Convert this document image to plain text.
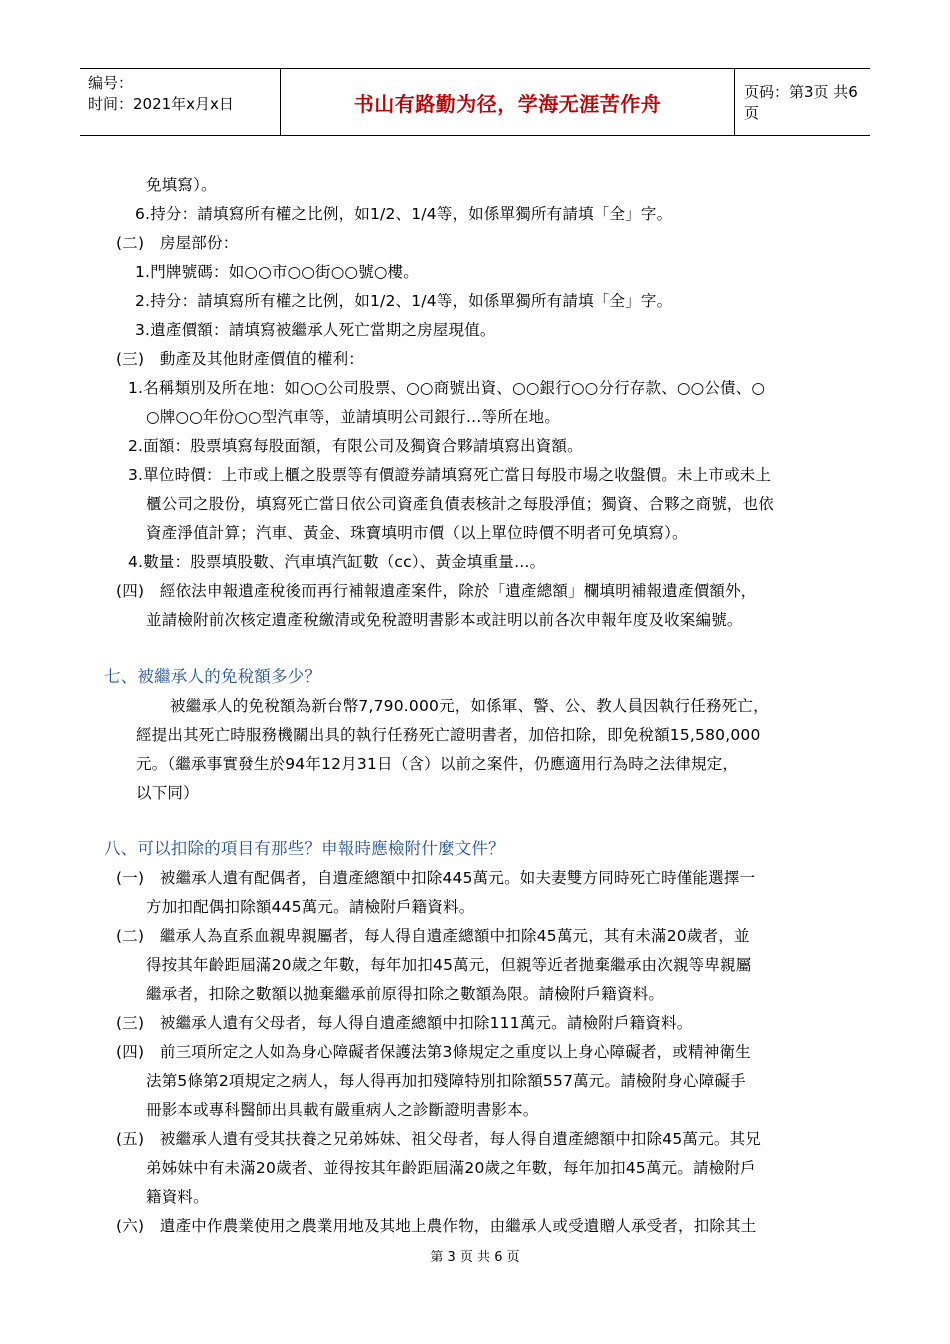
编号：
时间：2021年x月x日	书山有路勤为径，学海无涯苦作舟	页码：第3页 共6页
免填寫）。
6.持分：請填寫所有權之比例，如1/2、1/4等，如係單獨所有請填「全」字。
(二)　房屋部份：
1.門牌號碼：如○○市○○街○○號○樓。
2.持分：請填寫所有權之比例，如1/2、1/4等，如係單獨所有請填「全」字。
3.遺產價額：請填寫被繼承人死亡當期之房屋現值。
(三)　動產及其他財產價值的權利：
1.名稱類別及所在地：如○○公司股票、○○商號出資、○○銀行○○分行存款、○○公債、○
○牌○○年份○○型汽車等，並請填明公司銀行…等所在地。
2.面額：股票填寫每股面額，有限公司及獨資合夥請填寫出資額。
3.單位時價：上市或上櫃之股票等有價證券請填寫死亡當日每股市場之收盤價。未上市或未上
櫃公司之股份，填寫死亡當日依公司資產負債表核計之每股淨值；獨資、合夥之商號，也依
資產淨值計算；汽車、黃金、珠寶填明市價（以上單位時價不明者可免填寫）。
4.數量：股票填股數、汽車填汽缸數（cc）、黃金填重量…。
(四)　經依法申報遺產稅後而再行補報遺產案件，除於「遺產總額」欄填明補報遺產價額外，
並請檢附前次核定遺產稅繳清或免稅證明書影本或註明以前各次申報年度及收案編號。
七、被繼承人的免稅額多少？
被繼承人的免稅額為新台幣7,790.000元，如係軍、警、公、教人員因執行任務死亡，
經提出其死亡時服務機關出具的執行任務死亡證明書者，加倍扣除，即免稅額15,580,000
元。（繼承事實發生於94年12月31日（含）以前之案件，仍應適用行為時之法律規定，
以下同）
八、可以扣除的項目有那些？申報時應檢附什麼文件？
(一)　被繼承人遺有配偶者，自遺產總額中扣除445萬元。如夫妻雙方同時死亡時僅能選擇一
方加扣配偶扣除額445萬元。請檢附戶籍資料。
(二)　繼承人為直系血親卑親屬者，每人得自遺產總額中扣除45萬元，其有未滿20歲者，並
得按其年齡距屆滿20歲之年數，每年加扣45萬元，但親等近者拋棄繼承由次親等卑親屬
繼承者，扣除之數額以拋棄繼承前原得扣除之數額為限。請檢附戶籍資料。
(三)　被繼承人遺有父母者，每人得自遺產總額中扣除111萬元。請檢附戶籍資料。
(四)　前三項所定之人如為身心障礙者保護法第3條規定之重度以上身心障礙者，或精神衛生
法第5條第2項規定之病人，每人得再加扣殘障特別扣除額557萬元。請檢附身心障礙手
冊影本或專科醫師出具載有嚴重病人之診斷證明書影本。
(五)　被繼承人遺有受其扶養之兄弟姊妹、祖父母者，每人得自遺產總額中扣除45萬元。其兄
弟姊妹中有未滿20歲者、並得按其年齡距屆滿20歲之年數，每年加扣45萬元。請檢附戶
籍資料。
(六)　遺產中作農業使用之農業用地及其地上農作物，由繼承人或受遺贈人承受者，扣除其土
第 3 页 共 6 页
